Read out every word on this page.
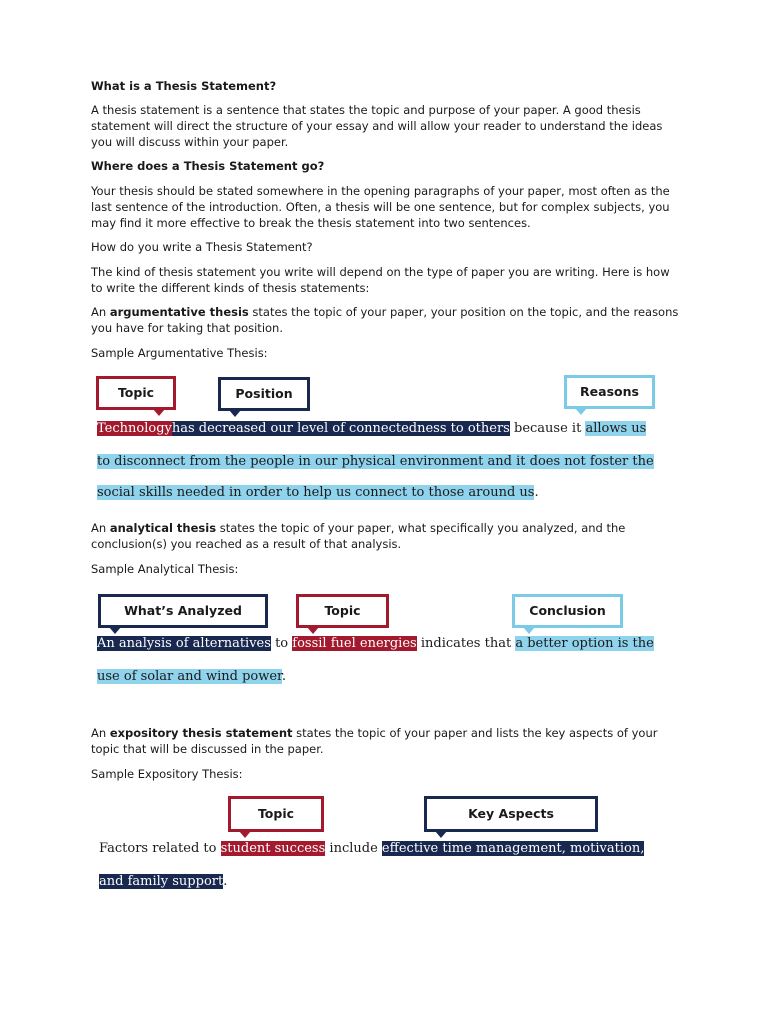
What is a Thesis Statement?

A thesis statement is a sentence that states the topic and purpose of your paper. A good thesis statement will direct the structure of your essay and will allow your reader to understand the ideas you will discuss within your paper.

Where does a Thesis Statement go?

Your thesis should be stated somewhere in the opening paragraphs of your paper, most often as the last sentence of the introduction. Often, a thesis will be one sentence, but for complex subjects, you may find it more effective to break the thesis statement into two sentences.

How do you write a Thesis Statement?

The kind of thesis statement you write will depend on the type of paper you are writing. Here is how to write the different kinds of thesis statements:

An argumentative thesis states the topic of your paper, your position on the topic, and the reasons you have for taking that position.

Sample Argumentative Thesis:

Topic	Position	Reasons
Technologyhas decreased our level of connectedness to others because it allows us
to disconnect from the people in our physical environment and it does not foster the
social skills needed in order to help us connect to those around us.

An analytical thesis states the topic of your paper, what specifically you analyzed, and the conclusion(s) you reached as a result of that analysis.

Sample Analytical Thesis:

What’s Analyzed	Topic	Conclusion
An analysis of alternatives to fossil fuel energies indicates that a better option is the
use of solar and wind power.

An expository thesis statement states the topic of your paper and lists the key aspects of your topic that will be discussed in the paper.

Sample Expository Thesis:

Topic	Key Aspects
Factors related to student success include effective time management, motivation,
and family support.
